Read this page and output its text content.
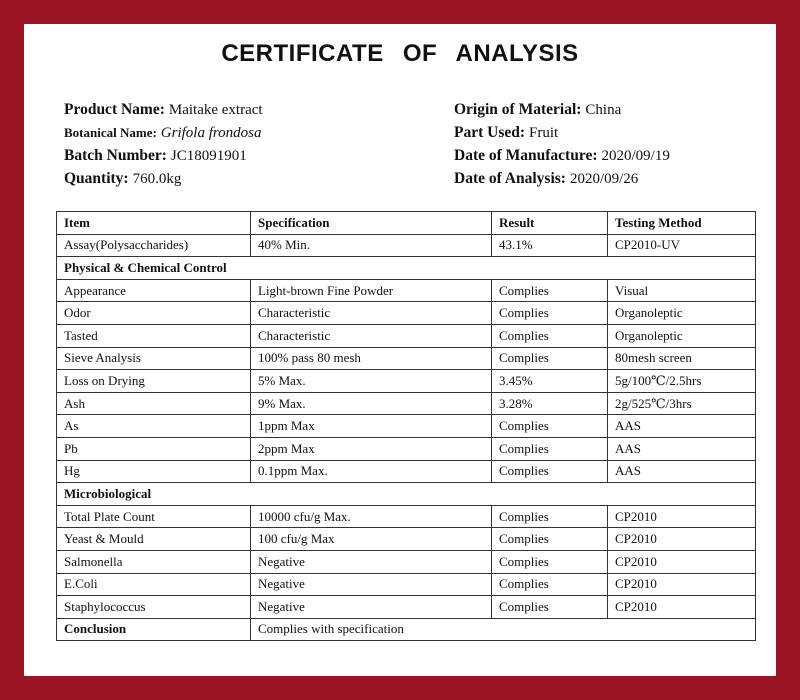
CERTIFICATE OF ANALYSIS
Product Name: Maitake extract
Botanical Name: Grifola frondosa
Batch Number: JC18091901
Quantity: 760.0kg
Origin of Material: China
Part Used: Fruit
Date of Manufacture: 2020/09/19
Date of Analysis: 2020/09/26
Item	Specification	Result	Testing Method
Assay(Polysaccharides)	40% Min.	43.1%	CP2010-UV
Physical & Chemical Control			
Appearance	Light-brown Fine Powder	Complies	Visual
Odor	Characteristic	Complies	Organoleptic
Tasted	Characteristic	Complies	Organoleptic
Sieve Analysis	100% pass 80 mesh	Complies	80mesh screen
Loss on Drying	5% Max.	3.45%	5g/100℃/2.5hrs
Ash	9% Max.	3.28%	2g/525℃/3hrs
As	1ppm Max	Complies	AAS
Pb	2ppm Max	Complies	AAS
Hg	0.1ppm Max.	Complies	AAS
Microbiological			
Total Plate Count	10000 cfu/g Max.	Complies	CP2010
Yeast & Mould	100 cfu/g Max	Complies	CP2010
Salmonella	Negative	Complies	CP2010
E.Coli	Negative	Complies	CP2010
Staphylococcus	Negative	Complies	CP2010
Conclusion	Complies with specification		
